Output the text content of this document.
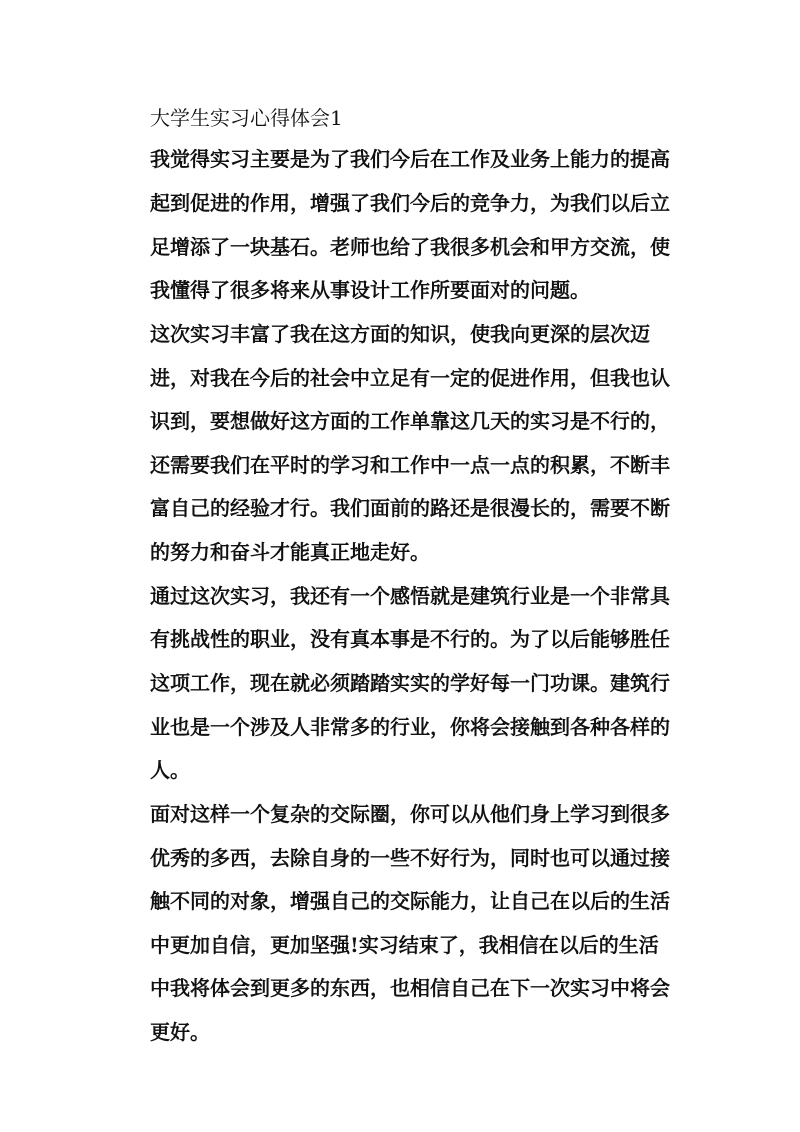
大学生实习心得体会1
我觉得实习主要是为了我们今后在工作及业务上能力的提高
起到促进的作用，增强了我们今后的竞争力，为我们以后立
足增添了一块基石。老师也给了我很多机会和甲方交流，使
我懂得了很多将来从事设计工作所要面对的问题。
这次实习丰富了我在这方面的知识，使我向更深的层次迈
进，对我在今后的社会中立足有一定的促进作用，但我也认
识到，要想做好这方面的工作单靠这几天的实习是不行的，
还需要我们在平时的学习和工作中一点一点的积累，不断丰
富自己的经验才行。我们面前的路还是很漫长的，需要不断
的努力和奋斗才能真正地走好。
通过这次实习，我还有一个感悟就是建筑行业是一个非常具
有挑战性的职业，没有真本事是不行的。为了以后能够胜任
这项工作，现在就必须踏踏实实的学好每一门功课。建筑行
业也是一个涉及人非常多的行业，你将会接触到各种各样的
人。
面对这样一个复杂的交际圈，你可以从他们身上学习到很多
优秀的多西，去除自身的一些不好行为，同时也可以通过接
触不同的对象，增强自己的交际能力，让自己在以后的生活
中更加自信，更加坚强!实习结束了，我相信在以后的生活
中我将体会到更多的东西，也相信自己在下一次实习中将会
更好。
